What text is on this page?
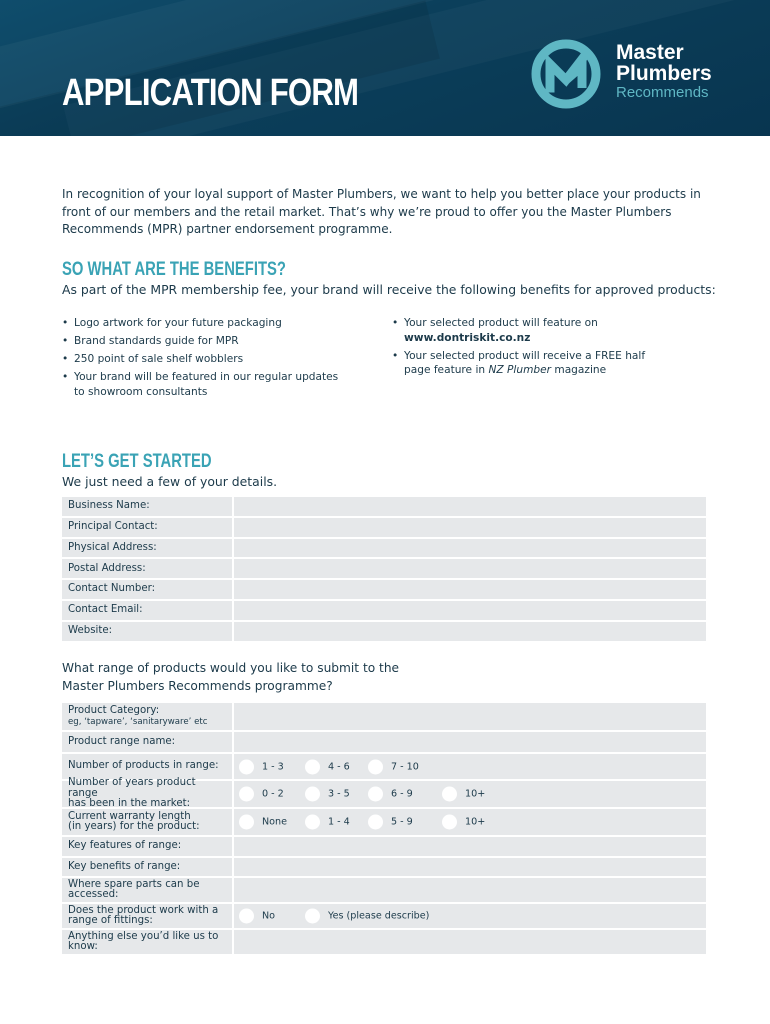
APPLICATION FORM
Master
Plumbers
Recommends

In recognition of your loyal support of Master Plumbers, we want to help you better place your products in front of our members and the retail market. That’s why we’re proud to offer you the Master Plumbers Recommends (MPR) partner endorsement programme.

SO WHAT ARE THE BENEFITS?
As part of the MPR membership fee, your brand will receive the following benefits for approved products:
• Logo artwork for your future packaging
• Brand standards guide for MPR
• 250 point of sale shelf wobblers
• Your brand will be featured in our regular updates to showroom consultants
• Your selected product will feature on
www.dontriskit.co.nz
• Your selected product will receive a FREE half page feature in NZ Plumber magazine
LET’S GET STARTED
We just need a few of your details.
Business Name:
Principal Contact:
Physical Address:
Postal Address:
Contact Number:
Contact Email:
Website:
What range of products would you like to submit to the
Master Plumbers Recommends programme?
Product Category:
eg, ‘tapware’, ‘sanitaryware’ etc
Product range name:
Number of products in range:	1 - 3	4 - 6	7 - 10
Number of years product range
has been in the market:
0 - 2	3 - 5	6 - 9	10+
Current warranty length
(in years) for the product:	None	1 - 4	5 - 9	10+
Key features of range:
Key benefits of range:
Where spare parts can be
accessed:
Does the product work with a
range of fittings:	No	Yes (please describe)
Anything else you’d like us to
know:
